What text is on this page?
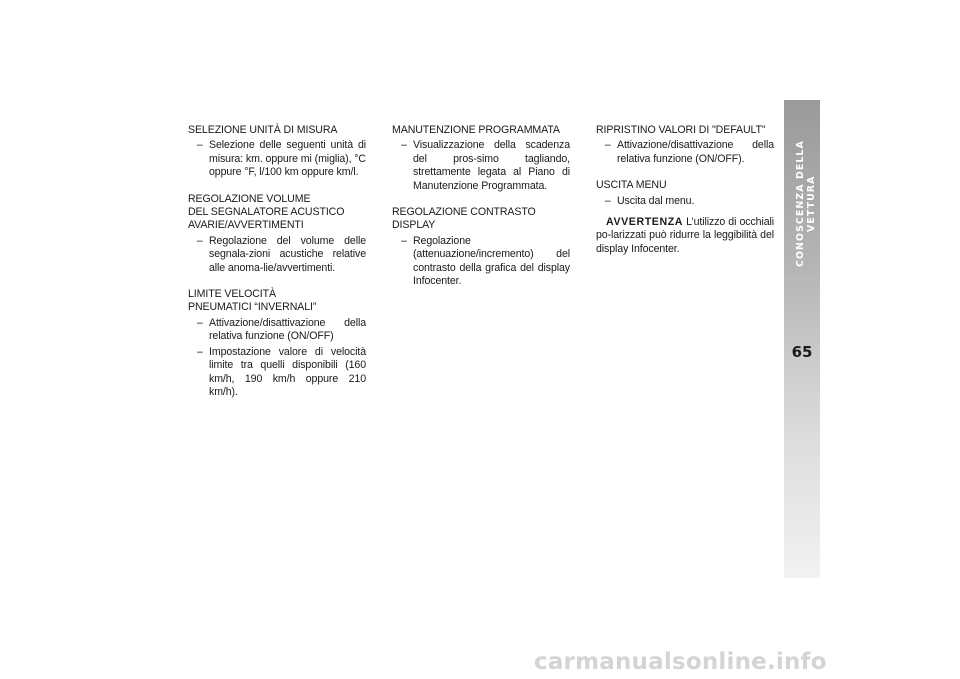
SELEZIONE UNITÀ DI MISURA

– Selezione delle seguenti unità di misura: km. oppure mi (miglia), °C oppure °F, l/100 km oppure km/l.

REGOLAZIONE VOLUME
DEL SEGNALATORE ACUSTICO
AVARIE/AVVERTIMENTI

– Regolazione del volume delle segnala-zioni acustiche relative alle anoma-lie/avvertimenti.

LIMITE VELOCITÀ
PNEUMATICI “INVERNALI”

– Attivazione/disattivazione della relativa funzione (ON/OFF)

– Impostazione valore di velocità limite tra quelli disponibili (160 km/h, 190 km/h oppure 210 km/h).

MANUTENZIONE PROGRAMMATA

– Visualizzazione della scadenza del pros-simo tagliando, strettamente legata al Piano di Manutenzione Programmata.

REGOLAZIONE CONTRASTO DISPLAY

– Regolazione (attenuazione/incremento) del contrasto della grafica del display Infocenter.

RIPRISTINO VALORI DI "DEFAULT"

– Attivazione/disattivazione della relativa funzione (ON/OFF).

USCITA MENU

– Uscita dal menu.

AVVERTENZA L’utilizzo di occhiali po-larizzati può ridurre la leggibilità del display Infocenter.	CONOSCENZA DELLA VETTURA
65
carmanualsonline.info
